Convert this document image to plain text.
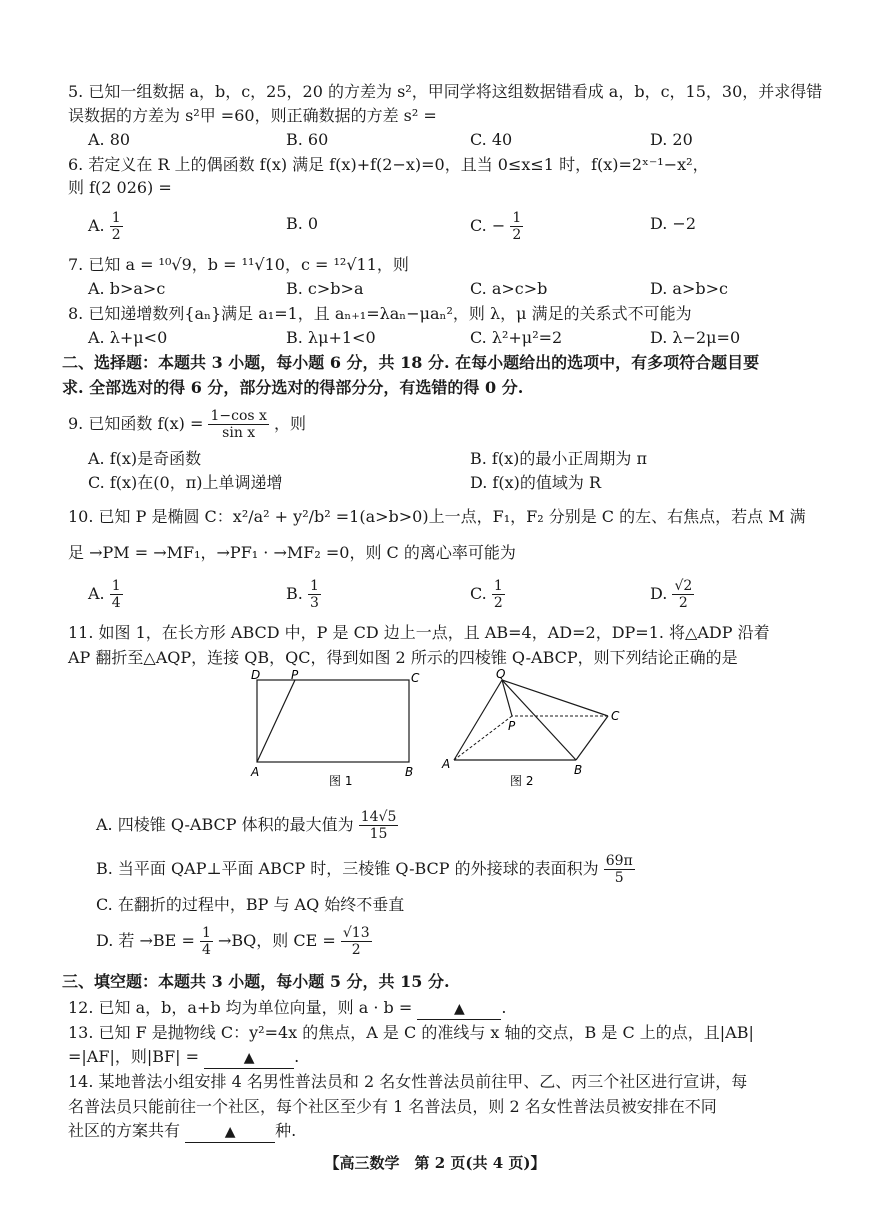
5. 已知一组数据 a，b，c，25，20 的方差为 s²，甲同学将这组数据错看成 a，b，c，15，30，并求得错
误数据的方差为 s²甲 =60，则正确数据的方差 s² =
A. 80	B. 60	C. 40	D. 20
6. 若定义在 R 上的偶函数 f(x) 满足 f(x)+f(2−x)=0，且当 0≤x≤1 时，f(x)=2ˣ⁻¹−x²，
则 f(2 026) =
A. $\frac{1}{2}$	B. 0	C. − $\frac{1}{2}$	D. −2
7. 已知 a = ¹⁰√9，b = ¹¹√10，c = ¹²√11，则
A. b>a>c	B. c>b>a	C. a>c>b	D. a>b>c
8. 已知递增数列{aₙ}满足 a₁=1，且 aₙ₊₁=λaₙ−μaₙ²，则 λ，μ 满足的关系式不可能为
A. λ+μ<0	B. λμ+1<0	C. λ²+μ²=2	D. λ−2μ=0
二、选择题：本题共 3 小题，每小题 6 分，共 18 分. 在每小题给出的选项中，有多项符合题目要
求. 全部选对的得 6 分，部分选对的得部分分，有选错的得 0 分.
9. 已知函数 $f(x) = \frac{\text{1−cos x}}{\text{sin x}}$ ，则
A. f(x)是奇函数	B. f(x)的最小正周期为 π
C. f(x)在(0，π)上单调递增	D. f(x)的值域为 R
10. 已知 P 是椭圆 C：x²/a² + y²/b² =1(a>b>0)上一点，F₁，F₂ 分别是 C 的左、右焦点，若点 M 满
足 →PM = →MF₁，→PF₁ · →MF₂ =0，则 C 的离心率可能为
A. $\frac{1}{4}$	B. $\frac{1}{3}$	C. $\frac{1}{2}$	D. $\frac{√2}{2}$
11. 如图 1，在长方形 ABCD 中，P 是 CD 边上一点，且 AB=4，AD=2，DP=1. 将△ADP 沿着
AP 翻折至△AQP，连接 QB，QC，得到如图 2 所示的四棱锥 Q-ABCP，则下列结论正确的是
D	P	C
A	B
图 1
Q
P
C
A	B
图 2
A. 四棱锥 Q-ABCP 体积的最大值为 $\frac{14√5}{15}$
B. 当平面 QAP⊥平面 ABCP 时，三棱锥 Q-BCP 的外接球的表面积为 $\frac{69\pi}{5}$
C. 在翻折的过程中，BP 与 AQ 始终不垂直
D. 若 $\to BE = \frac{1}{4} \to BQ$，则 CE = $\frac{√13}{2}$
三、填空题：本题共 3 小题，每小题 5 分，共 15 分.
12. 已知 a，b，a+b 均为单位向量，则 a · b =	▲ .
13. 已知 F 是抛物线 C：y²=4x 的焦点，A 是 C 的准线与 x 轴的交点，B 是 C 上的点，且|AB|
=|AF|，则|BF| =	▲ .
14. 某地普法小组安排 4 名男性普法员和 2 名女性普法员前往甲、乙、丙三个社区进行宣讲，每
名普法员只能前往一个社区，每个社区至少有 1 名普法员，则 2 名女性普法员被安排在不同
社区的方案共有	▲ 种.
【高三数学　第 2 页(共 4 页)】
